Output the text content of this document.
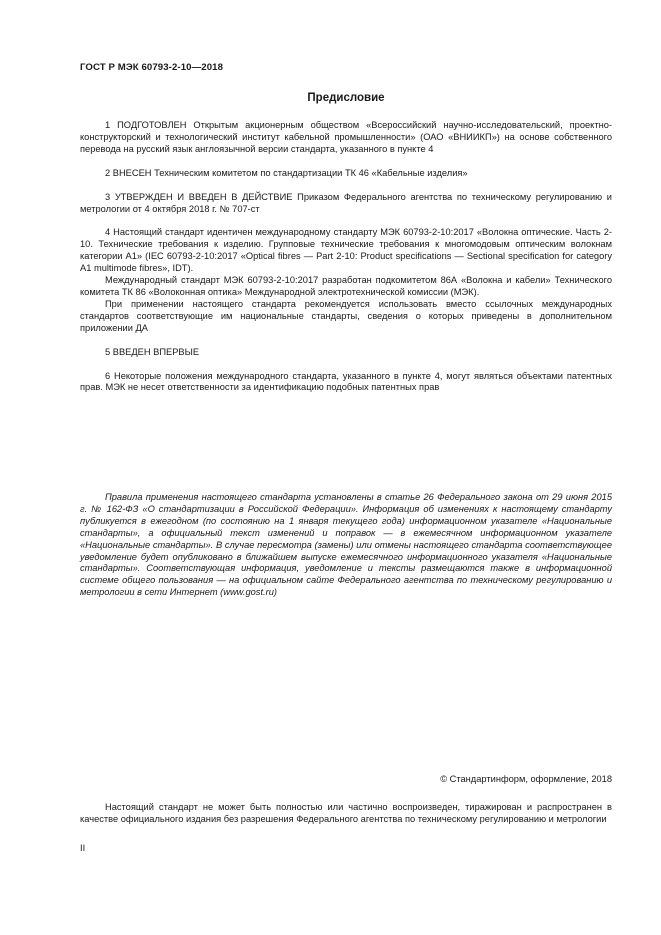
ГОСТ Р МЭК 60793-2-10—2018
Предисловие

1 ПОДГОТОВЛЕН Открытым акционерным обществом «Всероссийский научно-исследовательский, проектно-конструкторский и технологический институт кабельной промышленности» (ОАО «ВНИИКП») на основе собственного перевода на русский язык англоязычной версии стандарта, указанного в пункте 4

2 ВНЕСЕН Техническим комитетом по стандартизации ТК 46 «Кабельные изделия»

3 УТВЕРЖДЕН И ВВЕДЕН В ДЕЙСТВИЕ Приказом Федерального агентства по техническому регулированию и метрологии от 4 октября 2018 г. № 707-ст

4 Настоящий стандарт идентичен международному стандарту МЭК 60793-2-10:2017 «Волокна оптические. Часть 2-10. Технические требования к изделию. Групповые технические требования к многомодовым оптическим волокнам категории А1» (IEC 60793-2-10:2017 «Optical fibres — Part 2-10: Product specifications — Sectional specification for category A1 multimode fibres», IDT).

Международный стандарт МЭК 60793-2-10:2017 разработан подкомитетом 86А «Волокна и кабели» Технического комитета ТК 86 «Волоконная оптика» Международной электротехнической комиссии (МЭК).

При применении настоящего стандарта рекомендуется использовать вместо ссылочных международных стандартов соответствующие им национальные стандарты, сведения о которых приведены в дополнительном приложении ДА

5 ВВЕДЕН ВПЕРВЫЕ

6 Некоторые положения международного стандарта, указанного в пункте 4, могут являться объектами патентных прав. МЭК не несет ответственности за идентификацию подобных патентных прав

Правила применения настоящего стандарта установлены в статье 26 Федерального закона от 29 июня 2015 г. № 162-ФЗ «О стандартизации в Российской Федерации». Информация об изменениях к настоящему стандарту публикуется в ежегодном (по состоянию на 1 января текущего года) информационном указателе «Национальные стандарты», а официальный текст изменений и поправок — в ежемесячном информационном указателе «Национальные стандарты». В случае пересмотра (замены) или отмены настоящего стандарта соответствующее уведомление будет опубликовано в ближайшем выпуске ежемесячного информационного указателя «Национальные стандарты». Соответствующая информация, уведомление и тексты размещаются также в информационной системе общего пользования — на официальном сайте Федерального агентства по техническому регулированию и метрологии в сети Интернет (www.gost.ru)

© Стандартинформ, оформление, 2018

Настоящий стандарт не может быть полностью или частично воспроизведен, тиражирован и распространен в качестве официального издания без разрешения Федерального агентства по техническому регулированию и метрологии

II
